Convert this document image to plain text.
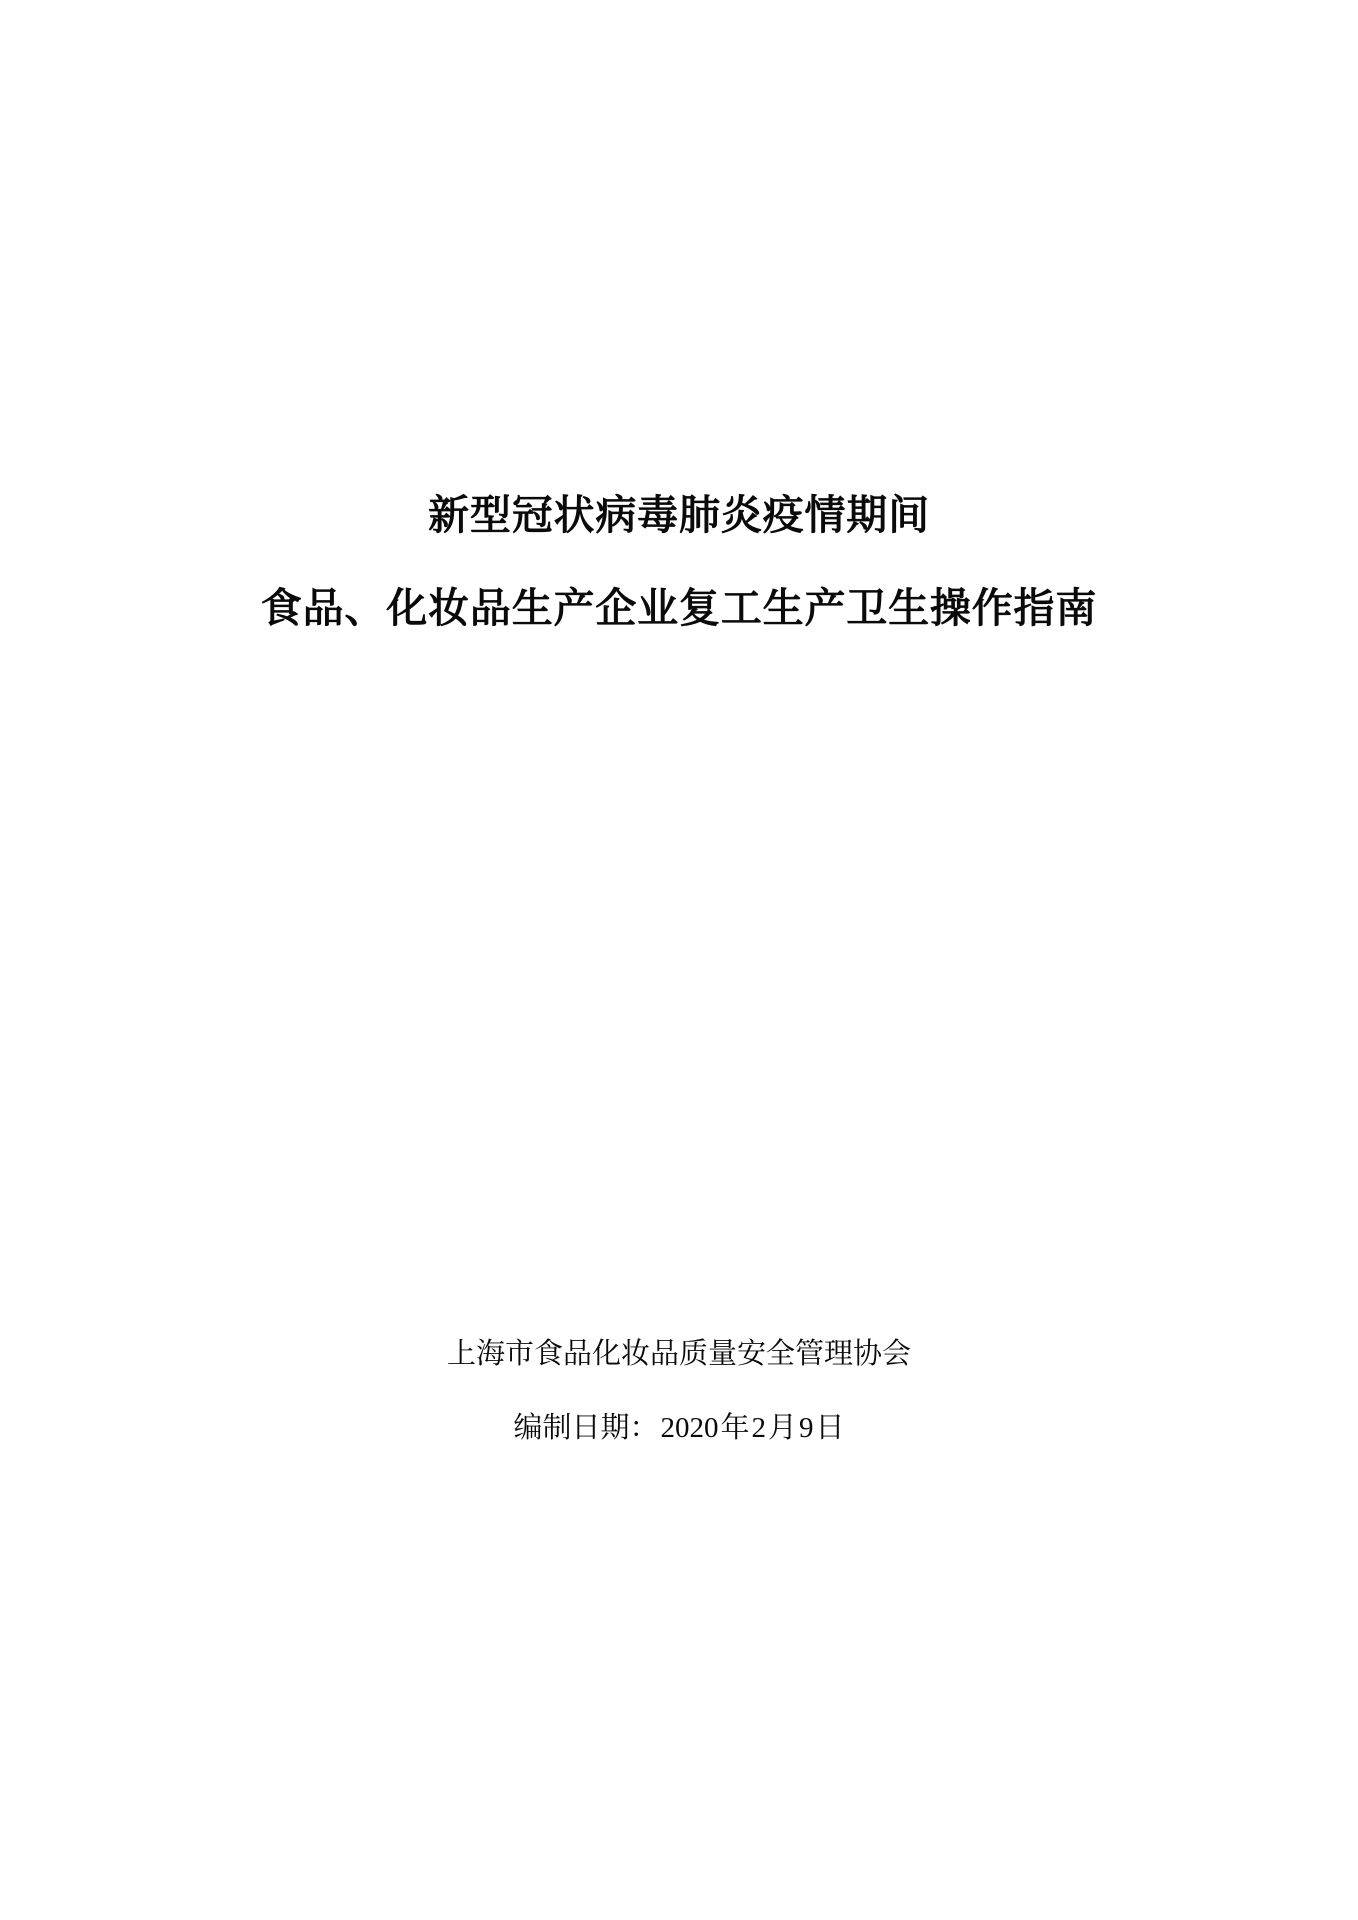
新型冠状病毒肺炎疫情期间
食品、化妆品生产企业复工生产卫生操作指南
上海市食品化妆品质量安全管理协会
编制日期：2020年2月9日
